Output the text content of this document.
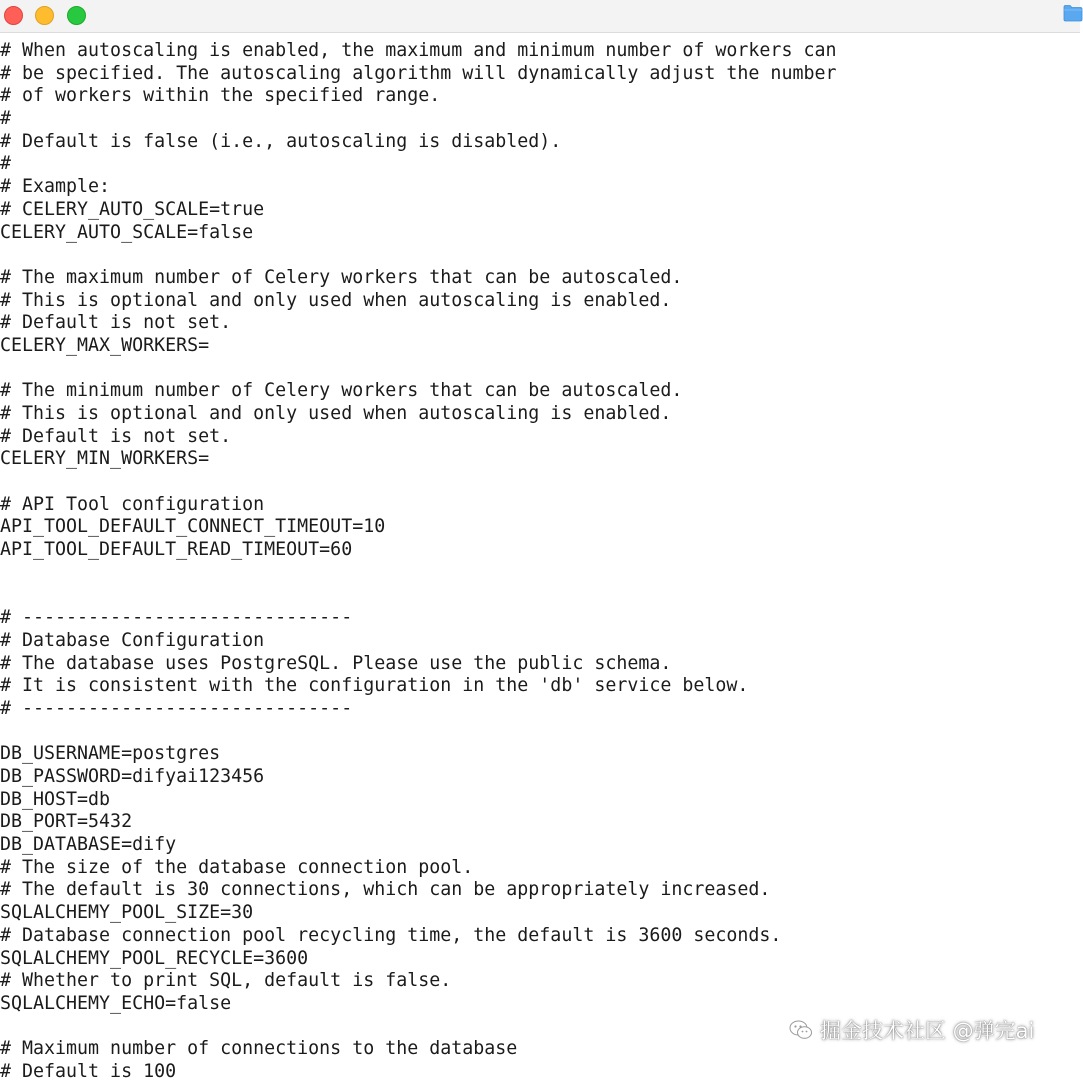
# When autoscaling is enabled, the maximum and minimum number of workers can
# be specified. The autoscaling algorithm will dynamically adjust the number
# of workers within the specified range.
#
# Default is false (i.e., autoscaling is disabled).
#
# Example:
# CELERY_AUTO_SCALE=true
CELERY_AUTO_SCALE=false
# The maximum number of Celery workers that can be autoscaled.
# This is optional and only used when autoscaling is enabled.
# Default is not set.
CELERY_MAX_WORKERS=
# The minimum number of Celery workers that can be autoscaled.
# This is optional and only used when autoscaling is enabled.
# Default is not set.
CELERY_MIN_WORKERS=
# API Tool configuration
API_TOOL_DEFAULT_CONNECT_TIMEOUT=10
API_TOOL_DEFAULT_READ_TIMEOUT=60
# ------------------------------
# Database Configuration
# The database uses PostgreSQL. Please use the public schema.
# It is consistent with the configuration in the 'db' service below.
# ------------------------------
DB_USERNAME=postgres
DB_PASSWORD=difyai123456
DB_HOST=db
DB_PORT=5432
DB_DATABASE=dify
# The size of the database connection pool.
# The default is 30 connections, which can be appropriately increased.
SQLALCHEMY_POOL_SIZE=30
# Database connection pool recycling time, the default is 3600 seconds.
SQLALCHEMY_POOL_RECYCLE=3600
# Whether to print SQL, default is false.
SQLALCHEMY_ECHO=false
# Maximum number of connections to the database
# Default is 100
掘金技术社区 @弹完ai
